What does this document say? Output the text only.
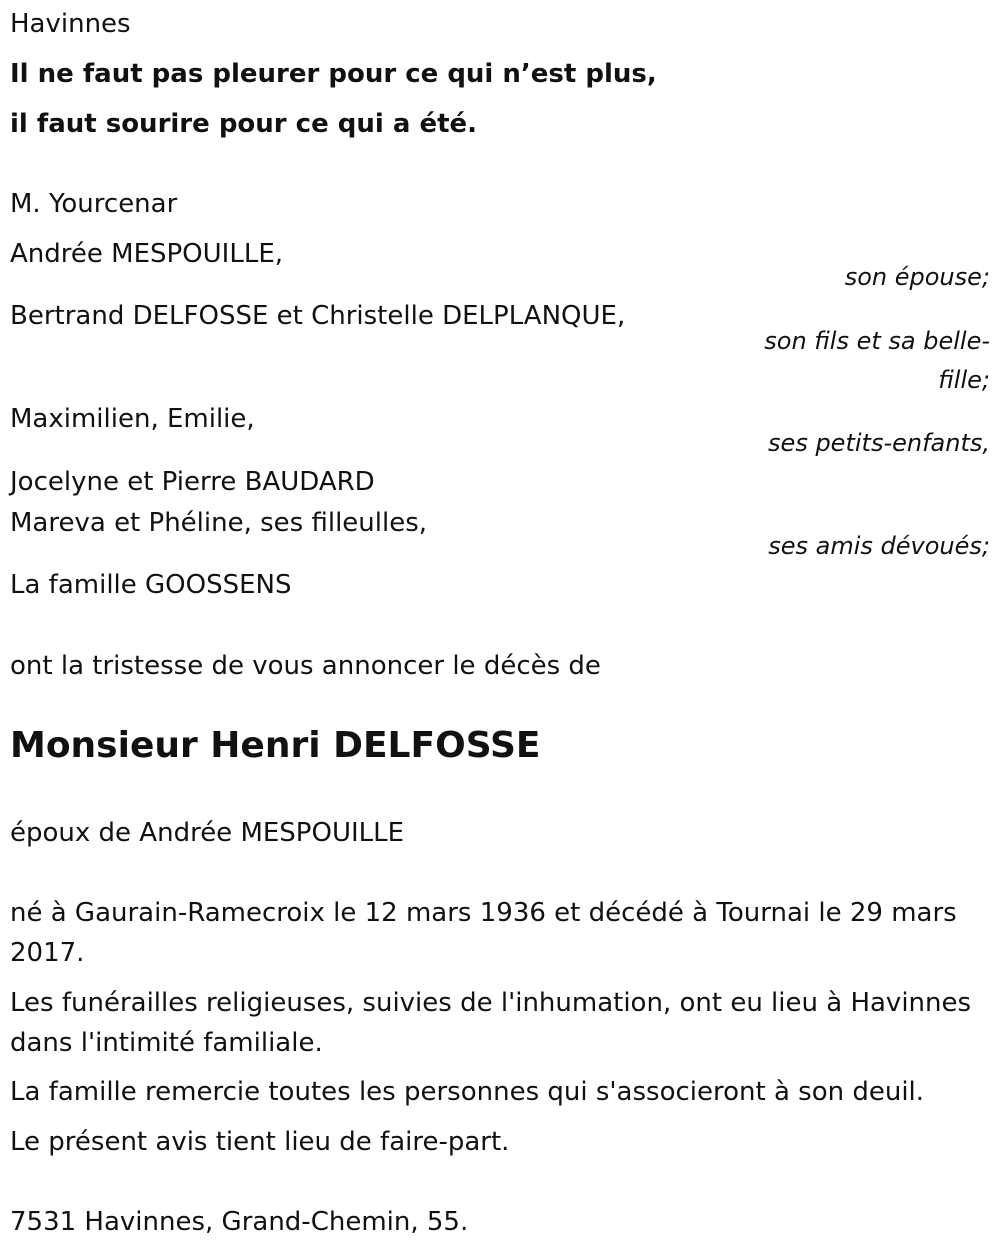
Havinnes
Il ne faut pas pleurer pour ce qui n’est plus,
il faut sourire pour ce qui a été.
M. Yourcenar
Andrée MESPOUILLE,
son épouse;
Bertrand DELFOSSE et Christelle DELPLANQUE,
son fils et sa belle-
fille;
Maximilien, Emilie,
ses petits-enfants,
Jocelyne et Pierre BAUDARD
Mareva et Phéline, ses filleulles,
ses amis dévoués;
La famille GOOSSENS
ont la tristesse de vous annoncer le décès de
Monsieur Henri DELFOSSE
époux de Andrée MESPOUILLE
né à Gaurain-Ramecroix le 12 mars 1936 et décédé à Tournai le 29 mars 2017.
Les funérailles religieuses, suivies de l'inhumation, ont eu lieu à Havinnes dans l'intimité familiale.
La famille remercie toutes les personnes qui s'associeront à son deuil.
Le présent avis tient lieu de faire-part.
7531 Havinnes, Grand-Chemin, 55.
